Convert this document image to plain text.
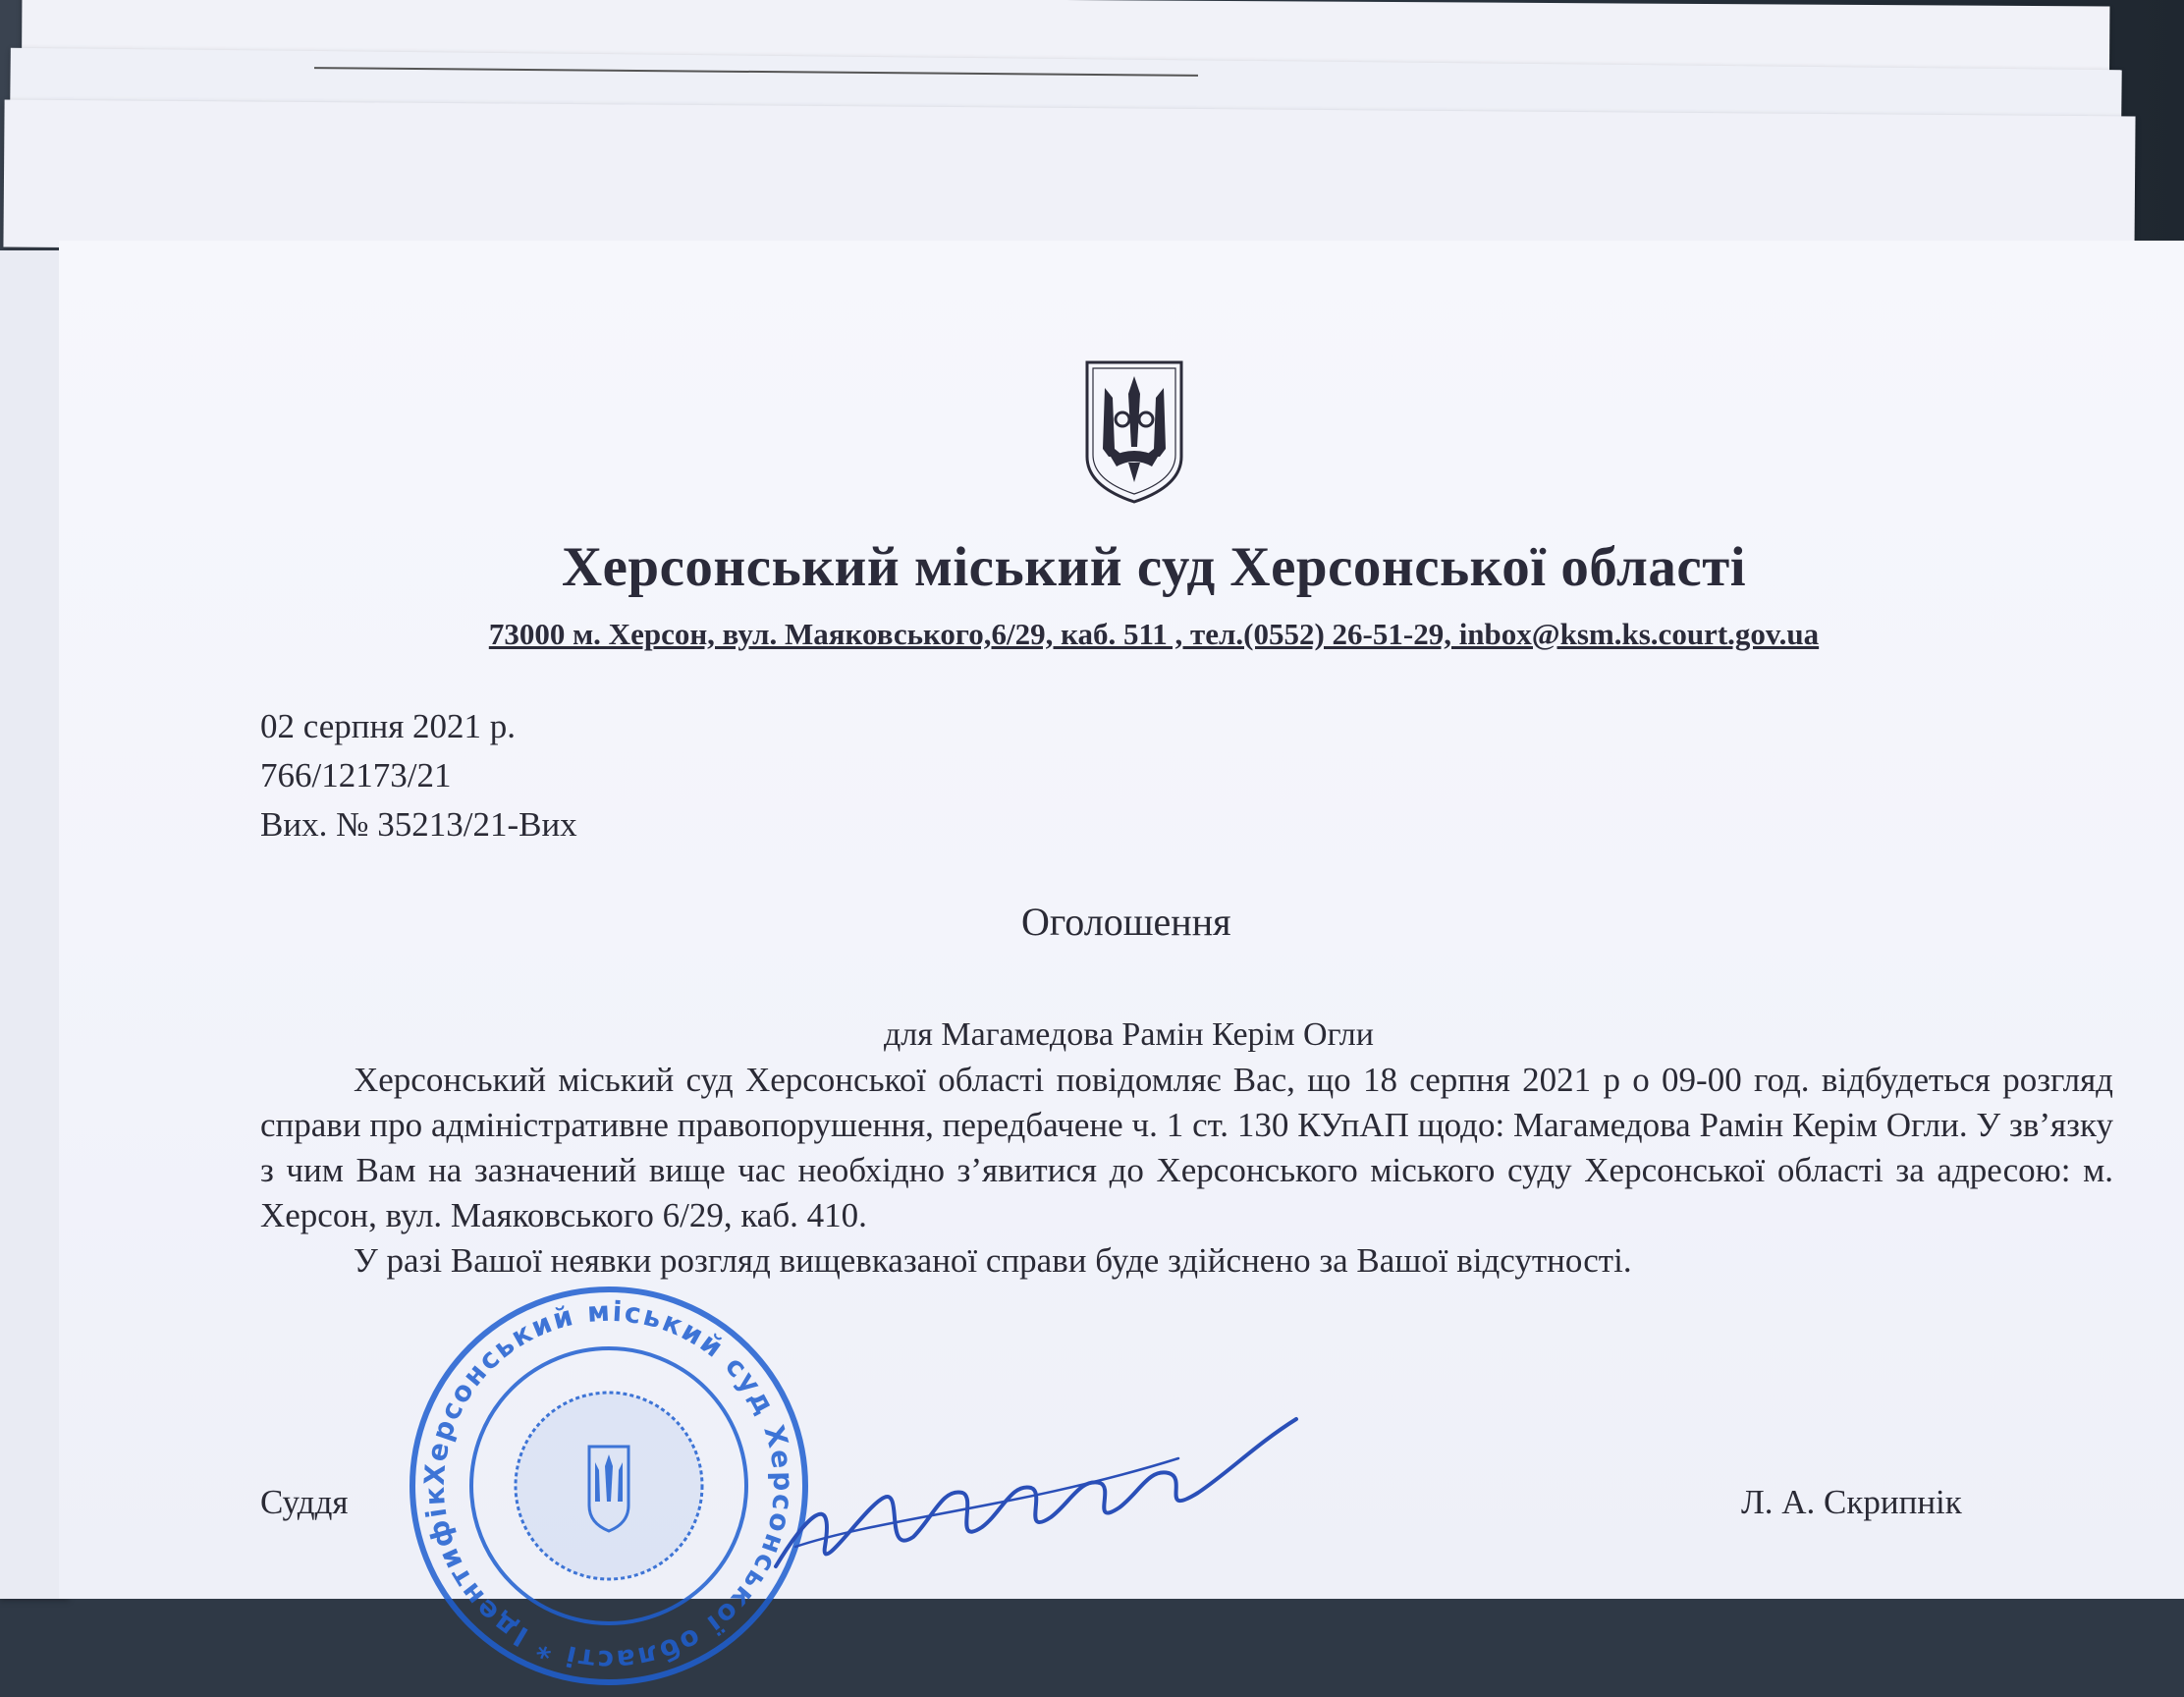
Херсонський міський суд Херсонської області
73000 м. Херсон, вул. Маяковського,6/29, каб. 511 , тел.(0552) 26-51-29, inbox@ksm.ks.court.gov.ua
02 серпня 2021 р.
766/12173/21
Вих. № 35213/21-Вих
Оголошення
для Магамедова Рамін Керім Огли

Херсонський міський суд Херсонської області повідомляє Вас, що 18 серпня 2021 р о 09-00 год. відбудеться розгляд справи про адміністративне правопорушення, передбачене ч. 1 ст. 130 КУпАП щодо: Магамедова Рамін Керім Огли. У зв’язку з чим Вам на зазначений вище час необхідно з’явитися до Херсонського міського суду Херсонської області за адресою: м. Херсон, вул. Маяковського 6/29, каб. 410.

У разі Вашої неявки розгляд вищевказаної справи буде здійснено за Вашої відсутності.

Суддя	Л. А. Скрипнік
Херсонський міський суд Херсонської області * Ідентифік
